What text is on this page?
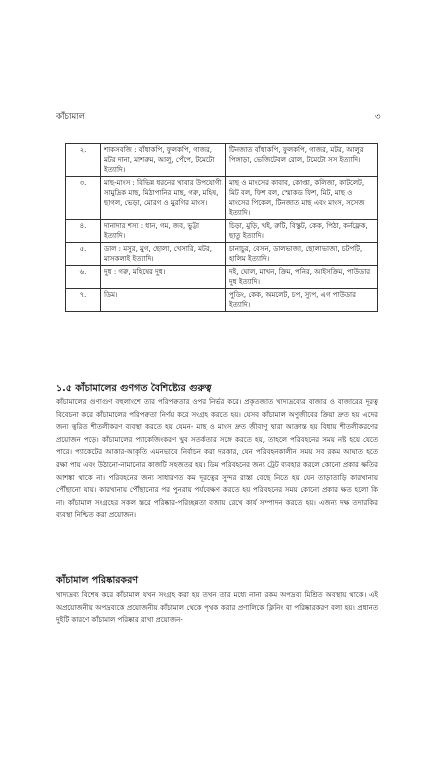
কাঁচামাল	৩
২.	শাকসবজি : বাঁধাকপি, ফুলকপি, গাজর, মটর দানা, মাশরুম, আলু, পেঁপে, টমেটো ইত্যাদি।	টিনজাত বাঁধাকপি, ফুলকপি, গাজর, মটর, আলুর পিঙ্গাড়া, ভেজিটেবল রোল, টমেটো সস ইত্যাদি।
৩.	মাছ-মাংস : বিভিন্ন ধরনের খাবার উপযোগী সামুদ্রিক মাছ, মিঠাপানির মাছ, গরু, মহিষ, ছাগল, ভেড়া, মোরগ ও মুরগির মাংস।	মাছ ও মাংসের কাবাব, কোপ্তা, কলিজা, কাটলেট, মিট বল, ফিশ বল, স্মোকড ফিশ, মিট, মাছ ও মাংসের পিকেল, টিনজাত মাছ এবং মাংস, সসেজ ইত্যাদি।
৪.	দানাদার শস্য : ধান, গম, জব, ভুট্টা ইত্যাদি।	চিড়া, মুড়ি, খই, রুটি, বিস্কুট, কেক, পিঠা, কর্নফ্লেক, ছাতু ইত্যাদি।
৫.	ডাল : মসুর, মুগ, ছোলা, খেসারি, মটর, মাসকলাই ইত্যাদি।	চানাচুর, বেসন, ডালভাজা, ছোলাভাজা, চটপটি, হালিম ইত্যাদি।
৬.	দুধ : গরু, মহিষের দুধ।	দই, ঘোল, মাখন, ক্রিম, পনির, আইসক্রিম, পাউডার দুধ ইত্যাদি।
৭.	ডিম।	পুডিং, কেক, অমলেট, চপ, স্যুপ, এগ পাউডার ইত্যাদি।
১.৫ কাঁচামালের গুণগত বৈশিষ্ট্যের গুরুত্ব

কাঁচামালের গুণাগুণ বহুলাংশে তার পরিপক্বতার ওপর নির্ভর করে। প্রকৃতজাত খাদ্যদ্রব্যের বাজার ও বাজারের দূরত্ব বিবেচনা করে কাঁচামালের পরিপক্বতা নির্ণয় করে সংগ্রহ করতে হয়। যেসব কাঁচামাল অণুজীবের ক্রিয়া দ্রুত হয় এদের জন্য ত্বরিত শীতলীকরণ ব্যবস্থা করতে হয় যেমন- মাছ ও মাংস দ্রুত জীবাণু দ্বারা আক্রান্ত হয় বিধায় শীতলীকরণের প্রয়োজন পড়ে। কাঁচামালের প্যাকেজিংকরণ খুব সতর্কতার সঙ্গে করতে হয়, তাহলে পরিবহনের সময় নষ্ট হয়ে যেতে পারে। প্যাকেটের আকার-আকৃতি এমনভাবে নির্বাচন করা দরকার, যেন পরিবহনকালীন সময় সব রকম আঘাত হতে রক্ষা পায় এবং উঠানো-নামানোর কাজটি সহজতর হয়। ডিম পরিবহনের জন্য ট্রেট ব্যবহার করলে কোনো প্রকার ক্ষতির আশঙ্কা থাকে না। পরিবহনের জন্য সাধারণত কম দূরত্বের সুন্দর রাস্তা বেছে নিতে হয় যেন তাড়াতাড়ি কারখানায় পৌঁছানো যায়। কারখানায় পৌঁছানোর পর পুনরায় পর্যবেক্ষণ করতে হয় পরিবহনের সময় কোনো প্রকার ক্ষত হলো কি না। কাঁচামাল সংগ্রহের সকল স্তরে পরিষ্কার-পরিচ্ছন্নতা বজায় রেখে কার্য সম্পাদন করতে হয়। এজন্য দক্ষ তদারকির ব্যবস্থা নিশ্চিত করা প্রয়োজন।

কাঁচামাল পরিষ্কারকরণ

খাদ্যদ্রব্য বিশেষ করে কাঁচামাল যখন সংগ্রহ করা হয় তখন তার মধ্যে নানা রকম অপদ্রব্য মিশ্রিত অবস্থায় থাকে। এই অপ্রয়োজনীয় অপদ্রব্যকে প্রয়োজনীয় কাঁচামাল থেকে পৃথক করার প্রণালিকে ক্লিনিং বা পরিষ্কারকরণ বলা হয়। প্রধানত দুইটি কারণে কাঁচামাল পরিষ্কার রাখা প্রয়োজন-
